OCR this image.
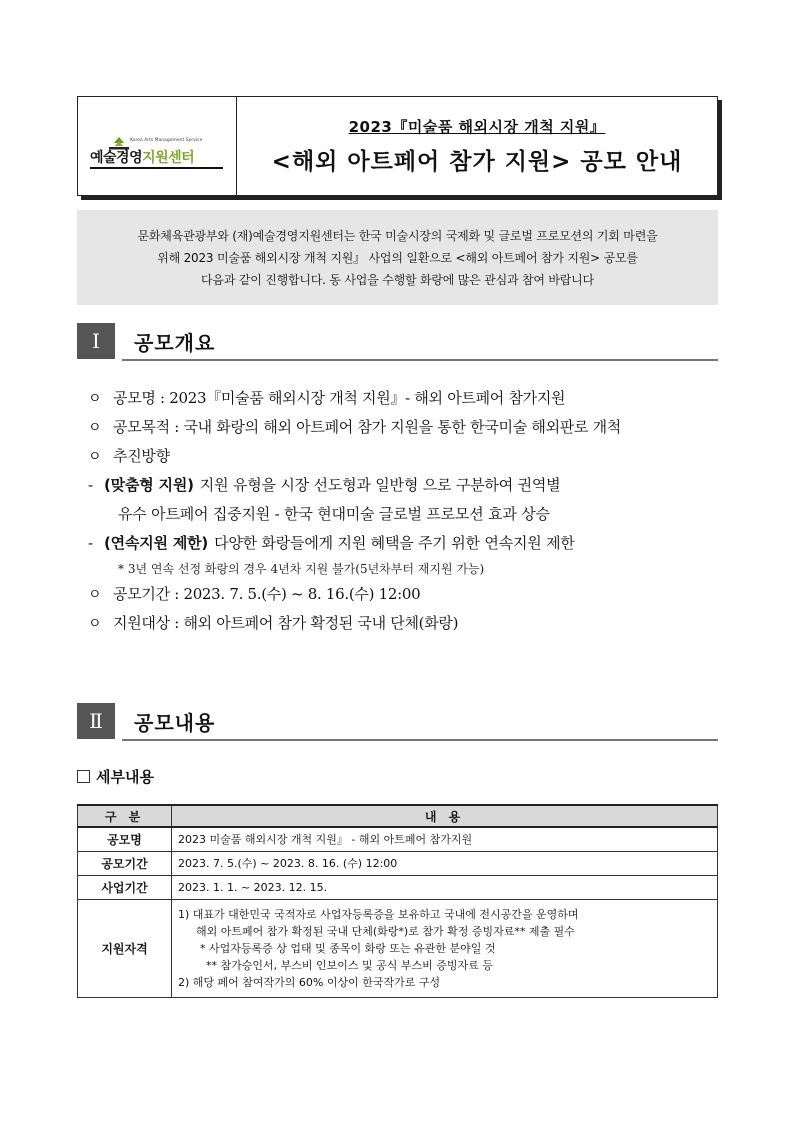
Korea Arts Management Service
예술경영지원센터
2023『미술품 해외시장 개척 지원』
<해외 아트페어 참가 지원> 공모 안내

문화체육관광부와 (재)예술경영지원센터는 한국 미술시장의 국제화 및 글로벌 프로모션의 기회 마련을

위해 2023 미술품 해외시장 개척 지원』 사업의 일환으로 <해외 아트페어 참가 지원> 공모를

다음과 같이 진행합니다. 동 사업을 수행할 화랑에 많은 관심과 참여 바랍니다

Ⅰ	공모개요
ㅇ 공모명 : 2023『미술품 해외시장 개척 지원』- 해외 아트페어 참가지원
ㅇ 공모목적 : 국내 화랑의 해외 아트페어 참가 지원을 통한 한국미술 해외판로 개척
ㅇ 추진방향
- (맞춤형 지원) 지원 유형을 시장 선도형과 일반형 으로 구분하여 권역별
유수 아트페어 집중지원 - 한국 현대미술 글로벌 프로모션 효과 상승
- (연속지원 제한) 다양한 화랑들에게 지원 혜택을 주기 위한 연속지원 제한
* 3년 연속 선정 화랑의 경우 4년차 지원 불가(5년차부터 재지원 가능)
ㅇ 공모기간 : 2023. 7. 5.(수) ~ 8. 16.(수) 12:00
ㅇ 지원대상 : 해외 아트페어 참가 확정된 국내 단체(화랑)
Ⅱ	공모내용
세부내용
구 분	내 용
공모명	2023 미술품 해외시장 개척 지원』 - 해외 아트페어 참가지원
공모기간	2023. 7. 5.(수) ~ 2023. 8. 16. (수) 12:00
사업기간	2023. 1. 1. ~ 2023. 12. 15.
지원자격	1) 대표가 대한민국 국적자로 사업자등록증을 보유하고 국내에 전시공간을 운영하며
해외 아트페어 참가 확정된 국내 단체(화랑*)로 참가 확정 증빙자료** 제출 필수
* 사업자등록증 상 업태 및 종목이 화랑 또는 유관한 분야일 것
** 참가승인서, 부스비 인보이스 및 공식 부스비 증빙자료 등
2) 해당 페어 참여작가의 60% 이상이 한국작가로 구성
